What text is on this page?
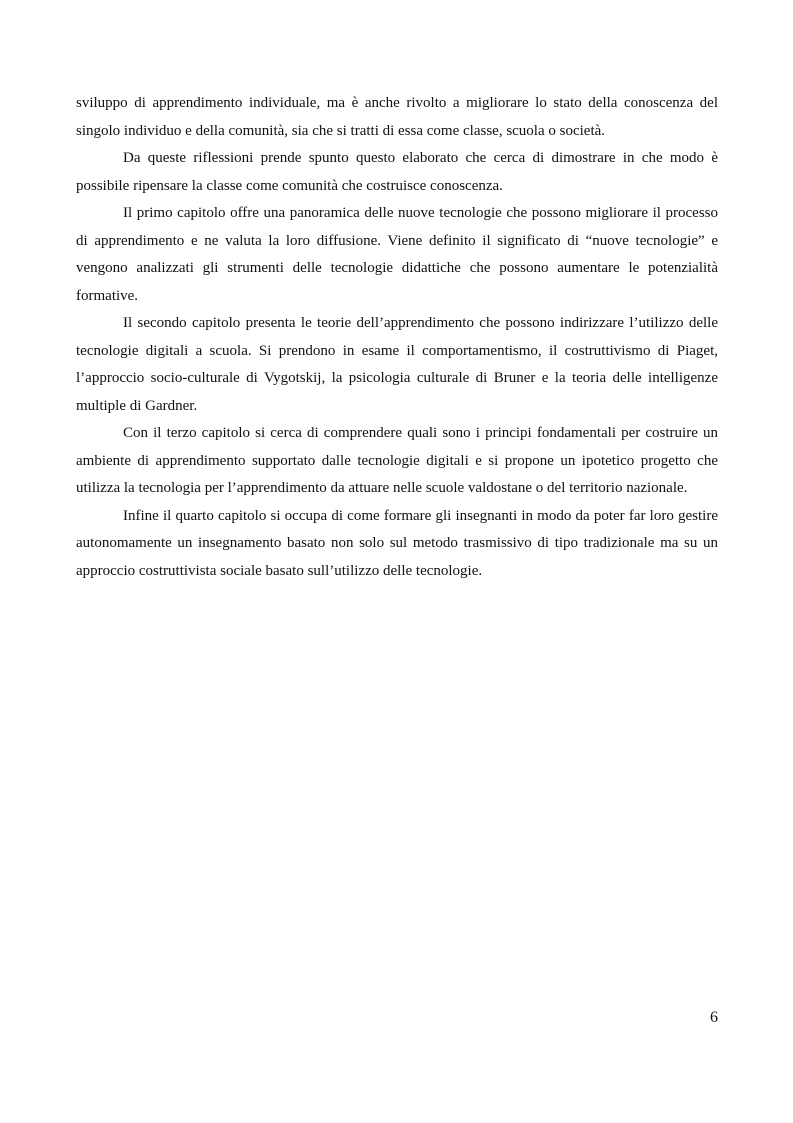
sviluppo di apprendimento individuale, ma è anche rivolto a migliorare lo stato della conoscenza del singolo individuo e della comunità, sia che si tratti di essa come classe, scuola o società.

Da queste riflessioni prende spunto questo elaborato che cerca di dimostrare in che modo è possibile ripensare la classe come comunità che costruisce conoscenza.

Il primo capitolo offre una panoramica delle nuove tecnologie che possono migliorare il processo di apprendimento e ne valuta la loro diffusione. Viene definito il significato di “nuove tecnologie” e vengono analizzati gli strumenti delle tecnologie didattiche che possono aumentare le potenzialità formative.

Il secondo capitolo presenta le teorie dell’apprendimento che possono indirizzare l’utilizzo delle tecnologie digitali a scuola. Si prendono in esame il comportamentismo, il costruttivismo di Piaget, l’approccio socio-culturale di Vygotskij, la psicologia culturale di Bruner e la teoria delle intelligenze multiple di Gardner.

Con il terzo capitolo si cerca di comprendere quali sono i principi fondamentali per costruire un ambiente di apprendimento supportato dalle tecnologie digitali e si propone un ipotetico progetto che utilizza la tecnologia per l’apprendimento da attuare nelle scuole valdostane o del territorio nazionale.

Infine il quarto capitolo si occupa di come formare gli insegnanti in modo da poter far loro gestire autonomamente un insegnamento basato non solo sul metodo trasmissivo di tipo tradizionale ma su un approccio costruttivista sociale basato sull’utilizzo delle tecnologie.

6
